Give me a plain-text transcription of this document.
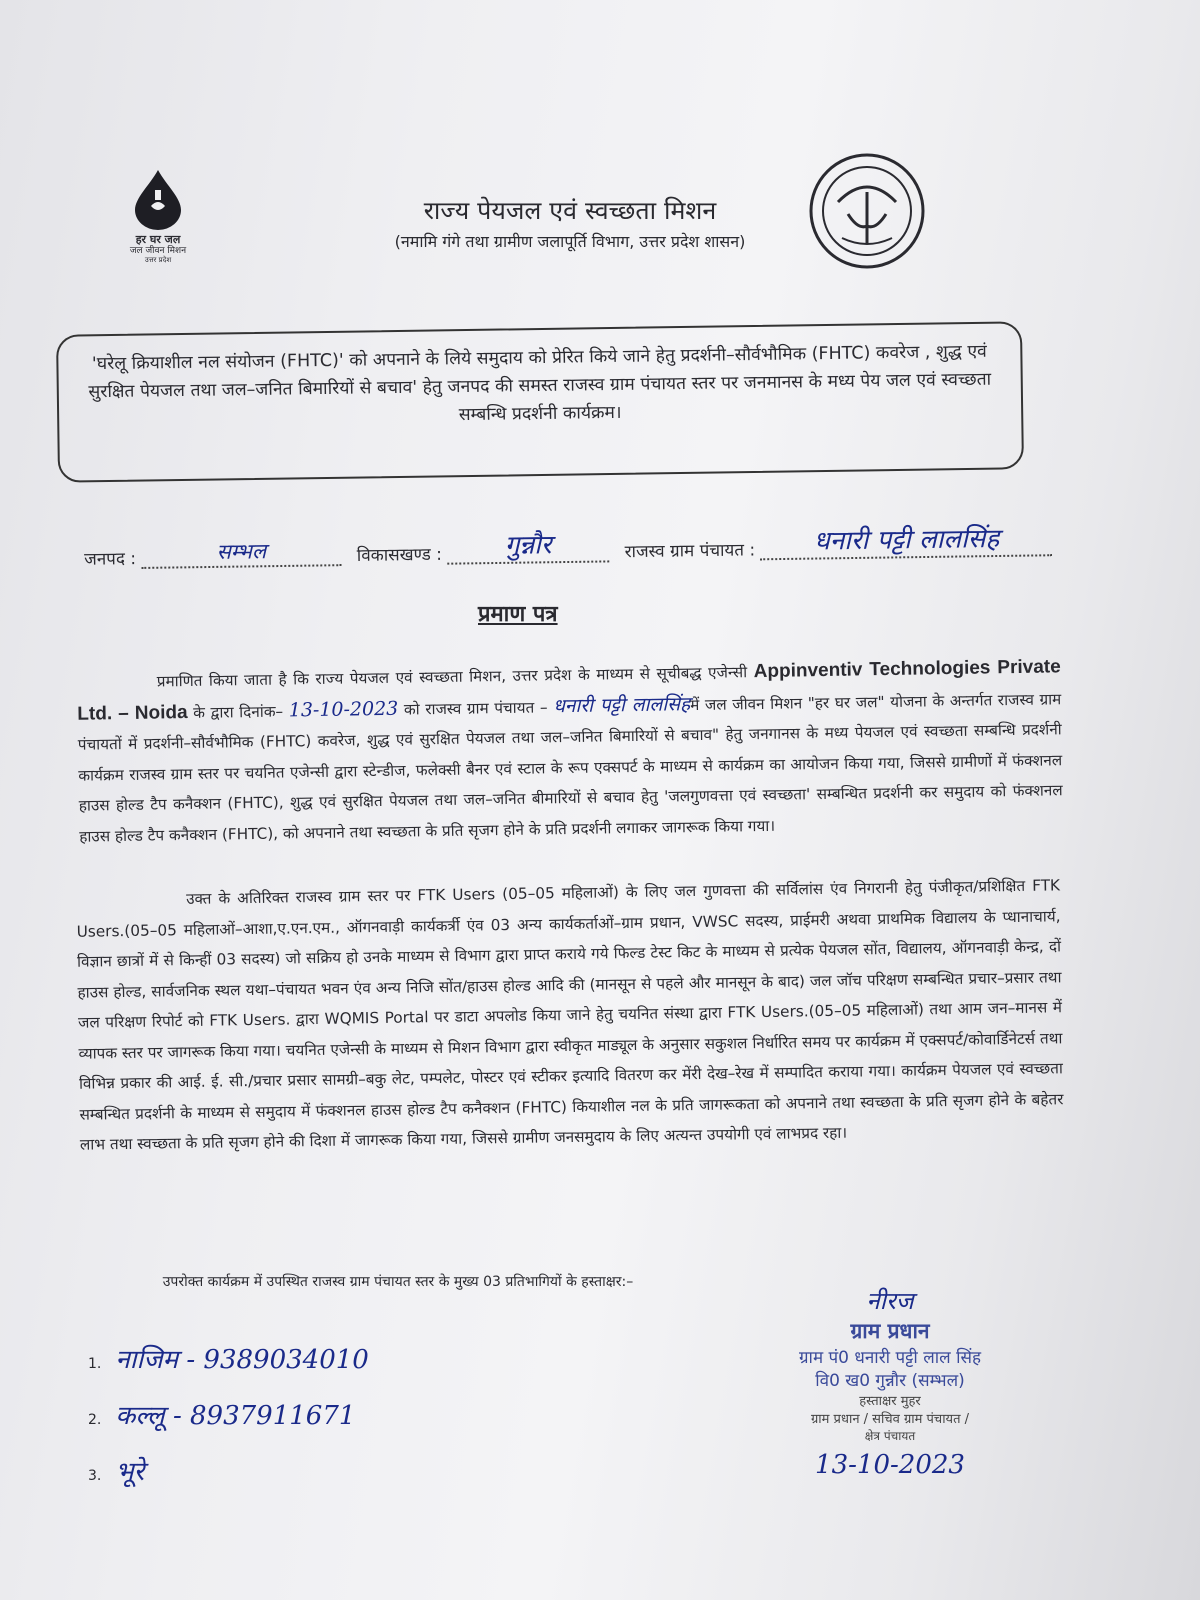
हर घर जल
जल जीवन मिशन
उत्तर प्रदेश
राज्य पेयजल एवं स्वच्छता मिशन
(नमामि गंगे तथा ग्रामीण जलापूर्ति विभाग, उत्तर प्रदेश शासन)
'घरेलू क्रियाशील नल संयोजन (FHTC)' को अपनाने के लिये समुदाय को प्रेरित किये जाने हेतु प्रदर्शनी–सौर्वभौमिक (FHTC) कवरेज , शुद्ध एवं सुरक्षित पेयजल तथा जल–जनित बिमारियों से बचाव' हेतु जनपद की समस्त राजस्व ग्राम पंचायत स्तर पर जनमानस के मध्य पेय जल एवं स्वच्छता सम्बन्धि प्रदर्शनी कार्यक्रम।
जनपद :	सम्भल	विकासखण्ड : गुन्नौर	राजस्व ग्राम पंचायत : धनारी पट्टी लालसिंह
प्रमाण पत्र
प्रमाणित किया जाता है कि राज्य पेयजल एवं स्वच्छता मिशन, उत्तर प्रदेश के माध्यम से सूचीबद्ध एजेन्सी Appinventiv Technologies Private Ltd. – Noida के द्वारा दिनांक– 13-10-2023 को राजस्व ग्राम पंचायत – धनारी पट्टी लालसिंहमें जल जीवन मिशन "हर घर जल" योजना के अन्तर्गत राजस्व ग्राम पंचायतों में प्रदर्शनी–सौर्वभौमिक (FHTC) कवरेज, शुद्ध एवं सुरक्षित पेयजल तथा जल–जनित बिमारियों से बचाव" हेतु जनगानस के मध्य पेयजल एवं स्वच्छता सम्बन्धि प्रदर्शनी कार्यक्रम राजस्व ग्राम स्तर पर चयनित एजेन्सी द्वारा स्टेन्डीज, फलेक्सी बैनर एवं स्टाल के रूप एक्सपर्ट के माध्यम से कार्यक्रम का आयोजन किया गया, जिससे ग्रामीणों में फंक्शनल हाउस होल्ड टैप कनैक्शन (FHTC), शुद्ध एवं सुरक्षित पेयजल तथा जल–जनित बीमारियों से बचाव हेतु 'जलगुणवत्ता एवं स्वच्छता' सम्बन्धित प्रदर्शनी कर समुदाय को फंक्शनल हाउस होल्ड टैप कनैक्शन (FHTC), को अपनाने तथा स्वच्छता के प्रति सृजग होने के प्रति प्रदर्शनी लगाकर जागरूक किया गया।
उक्त के अतिरिक्त राजस्व ग्राम स्तर पर FTK Users (05–05 महिलाओं) के लिए जल गुणवत्ता की सर्विलांस एंव निगरानी हेतु पंजीकृत/प्रशिक्षित FTK Users.(05–05 महिलाओं–आशा,ए.एन.एम., ऑगनवाड़ी कार्यकर्त्री एंव 03 अन्य कार्यकर्ताओं–ग्राम प्रधान, VWSC सदस्य, प्राईमरी अथवा प्राथमिक विद्यालय के प्धानाचार्य, विज्ञान छात्रों में से किन्हीं 03 सदस्य) जो सक्रिय हो उनके माध्यम से विभाग द्वारा प्राप्त कराये गये फिल्ड टेस्ट किट के माध्यम से प्रत्येक पेयजल सोंत, विद्यालय, ऑगनवाड़ी केन्द्र, दों हाउस होल्ड, सार्वजनिक स्थल यथा–पंचायत भवन एंव अन्य निजि सोंत/हाउस होल्ड आदि की (मानसून से पहले और मानसून के बाद) जल जॉच परिक्षण सम्बन्धित प्रचार–प्रसार तथा जल परिक्षण रिपोर्ट को FTK Users. द्वारा WQMIS Portal पर डाटा अपलोड किया जाने हेतु चयनित संस्था द्वारा FTK Users.(05–05 महिलाओं) तथा आम जन–मानस में व्यापक स्तर पर जागरूक किया गया। चयनित एजेन्सी के माध्यम से मिशन विभाग द्वारा स्वीकृत माड्यूल के अनुसार सकुशल निर्धारित समय पर कार्यक्रम में एक्सपर्ट/कोवार्डिनेटर्स तथा विभिन्न प्रकार की आई. ई. सी./प्रचार प्रसार सामग्री–बकु लेट, पम्पलेट, पोस्टर एवं स्टीकर इत्यादि वितरण कर मेंरी देख–रेख में सम्पादित कराया गया। कार्यक्रम पेयजल एवं स्वच्छता सम्बन्धित प्रदर्शनी के माध्यम से समुदाय में फंक्शनल हाउस होल्ड टैप कनैक्शन (FHTC) कियाशील नल के प्रति जागरूकता को अपनाने तथा स्वच्छता के प्रति सृजग होने के बहेतर लाभ तथा स्वच्छता के प्रति सृजग होने की दिशा में जागरूक किया गया, जिससे ग्रामीण जनसमुदाय के लिए अत्यन्त उपयोगी एवं लाभप्रद रहा।
उपरोक्त कार्यक्रम में उपस्थित राजस्व ग्राम पंचायत स्तर के मुख्य 03 प्रतिभागियों के हस्ताक्षर:–
1. नाजिम - 9389034010
2. कल्लू - 8937911671
3. भूरे
नीरज
ग्राम प्रधान
ग्राम पं0 धनारी पट्टी लाल सिंह
वि0 ख0 गुन्नौर (सम्भल)
हस्ताक्षर मुहर
ग्राम प्रधान / सचिव ग्राम पंचायत /
क्षेत्र पंचायत
13-10-2023
